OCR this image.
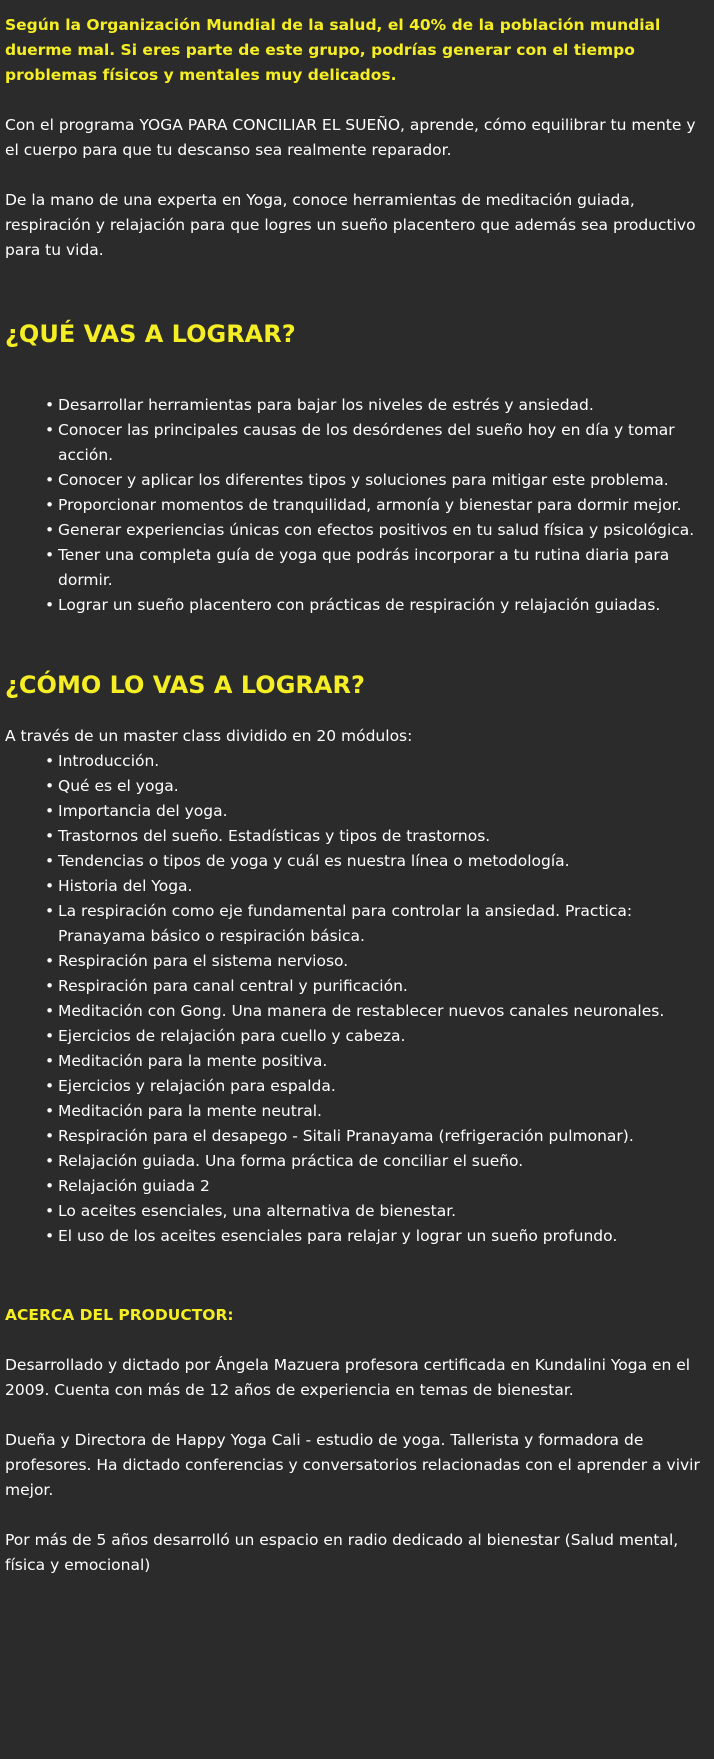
Según la Organización Mundial de la salud, el 40% de la población mundial duerme mal. Si eres parte de este grupo, podrías generar con el tiempo problemas físicos y mentales muy delicados.

Con el programa YOGA PARA CONCILIAR EL SUEÑO, aprende, cómo equilibrar tu mente y el cuerpo para que tu descanso sea realmente reparador.

De la mano de una experta en Yoga, conoce herramientas de meditación guiada, respiración y relajación para que logres un sueño placentero que además sea productivo para tu vida.

¿QUÉ VAS A LOGRAR?
• Desarrollar herramientas para bajar los niveles de estrés y ansiedad.
• Conocer las principales causas de los desórdenes del sueño hoy en día y tomar acción.
• Conocer y aplicar los diferentes tipos y soluciones para mitigar este problema.
• Proporcionar momentos de tranquilidad, armonía y bienestar para dormir mejor.
• Generar experiencias únicas con efectos positivos en tu salud física y psicológica.
• Tener una completa guía de yoga que podrás incorporar a tu rutina diaria para dormir.
• Lograr un sueño placentero con prácticas de respiración y relajación guiadas.
¿CÓMO LO VAS A LOGRAR?

A través de un master class dividido en 20 módulos:

• Introducción.
• Qué es el yoga.
• Importancia del yoga.
• Trastornos del sueño. Estadísticas y tipos de trastornos.
• Tendencias o tipos de yoga y cuál es nuestra línea o metodología.
• Historia del Yoga.
• La respiración como eje fundamental para controlar la ansiedad. Practica: Pranayama básico o respiración básica.
• Respiración para el sistema nervioso.
• Respiración para canal central y purificación.
• Meditación con Gong. Una manera de restablecer nuevos canales neuronales.
• Ejercicios de relajación para cuello y cabeza.
• Meditación para la mente positiva.
• Ejercicios y relajación para espalda.
• Meditación para la mente neutral.
• Respiración para el desapego - Sitali Pranayama (refrigeración pulmonar).
• Relajación guiada. Una forma práctica de conciliar el sueño.
• Relajación guiada 2
• Lo aceites esenciales, una alternativa de bienestar.
• El uso de los aceites esenciales para relajar y lograr un sueño profundo.

ACERCA DEL PRODUCTOR:

Desarrollado y dictado por Ángela Mazuera profesora certificada en Kundalini Yoga en el 2009. Cuenta con más de 12 años de experiencia en temas de bienestar.

Dueña y Directora de Happy Yoga Cali - estudio de yoga. Tallerista y formadora de profesores. Ha dictado conferencias y conversatorios relacionadas con el aprender a vivir mejor.

Por más de 5 años desarrolló un espacio en radio dedicado al bienestar (Salud mental, física y emocional)
